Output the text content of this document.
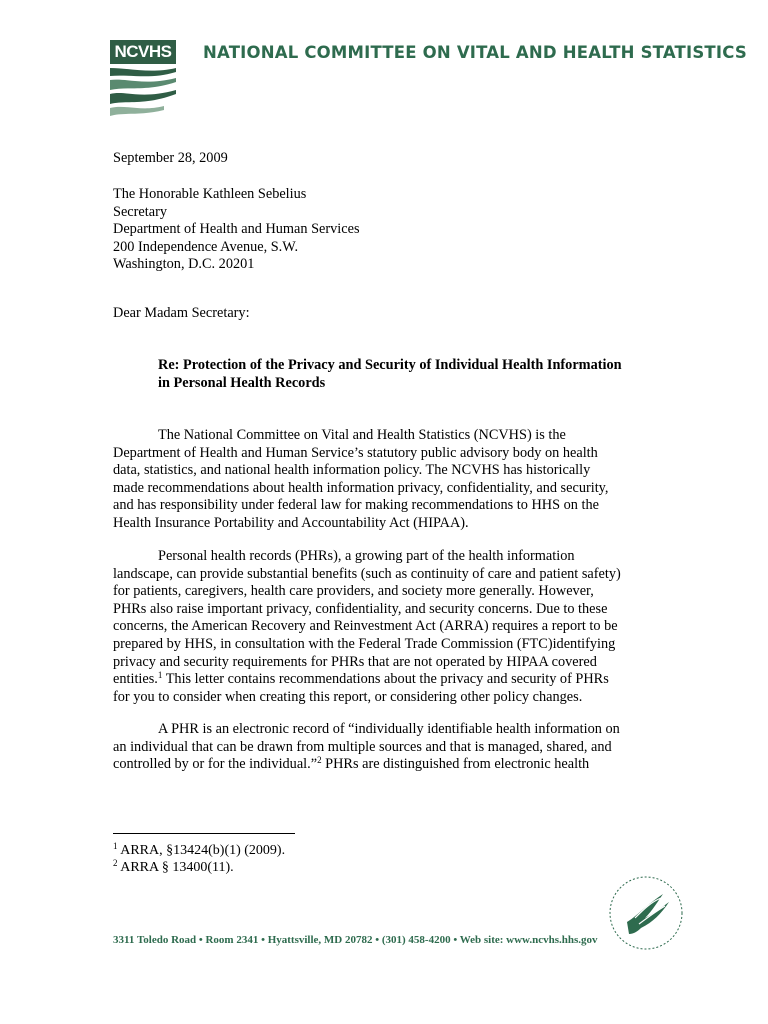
NCVHS NATIONAL COMMITTEE ON VITAL AND HEALTH STATISTICS
September 28, 2009
The Honorable Kathleen Sebelius
Secretary
Department of Health and Human Services
200 Independence Avenue, S.W.
Washington, D.C. 20201
Dear Madam Secretary:
Re: Protection of the Privacy and Security of Individual Health Information
in Personal Health Records
The National Committee on Vital and Health Statistics (NCVHS) is the
Department of Health and Human Service’s statutory public advisory body on health
data, statistics, and national health information policy. The NCVHS has historically
made recommendations about health information privacy, confidentiality, and security,
and has responsibility under federal law for making recommendations to HHS on the
Health Insurance Portability and Accountability Act (HIPAA).
Personal health records (PHRs), a growing part of the health information
landscape, can provide substantial benefits (such as continuity of care and patient safety)
for patients, caregivers, health care providers, and society more generally. However,
PHRs also raise important privacy, confidentiality, and security concerns. Due to these
concerns, the American Recovery and Reinvestment Act (ARRA) requires a report to be
prepared by HHS, in consultation with the Federal Trade Commission (FTC)identifying
privacy and security requirements for PHRs that are not operated by HIPAA covered
entities.$^1$ This letter contains recommendations about the privacy and security of PHRs
for you to consider when creating this report, or considering other policy changes.
A PHR is an electronic record of “individually identifiable health information on
an individual that can be drawn from multiple sources and that is managed, shared, and
controlled by or for the individual.”$^2$ PHRs are distinguished from electronic health
$^1$ ARRA, §13424(b)(1) (2009).
$^2$ ARRA § 13400(11).
3311 Toledo Road • Room 2341 • Hyattsville, MD 20782 • (301) 458-4200 • Web site: www.ncvhs.hhs.gov
